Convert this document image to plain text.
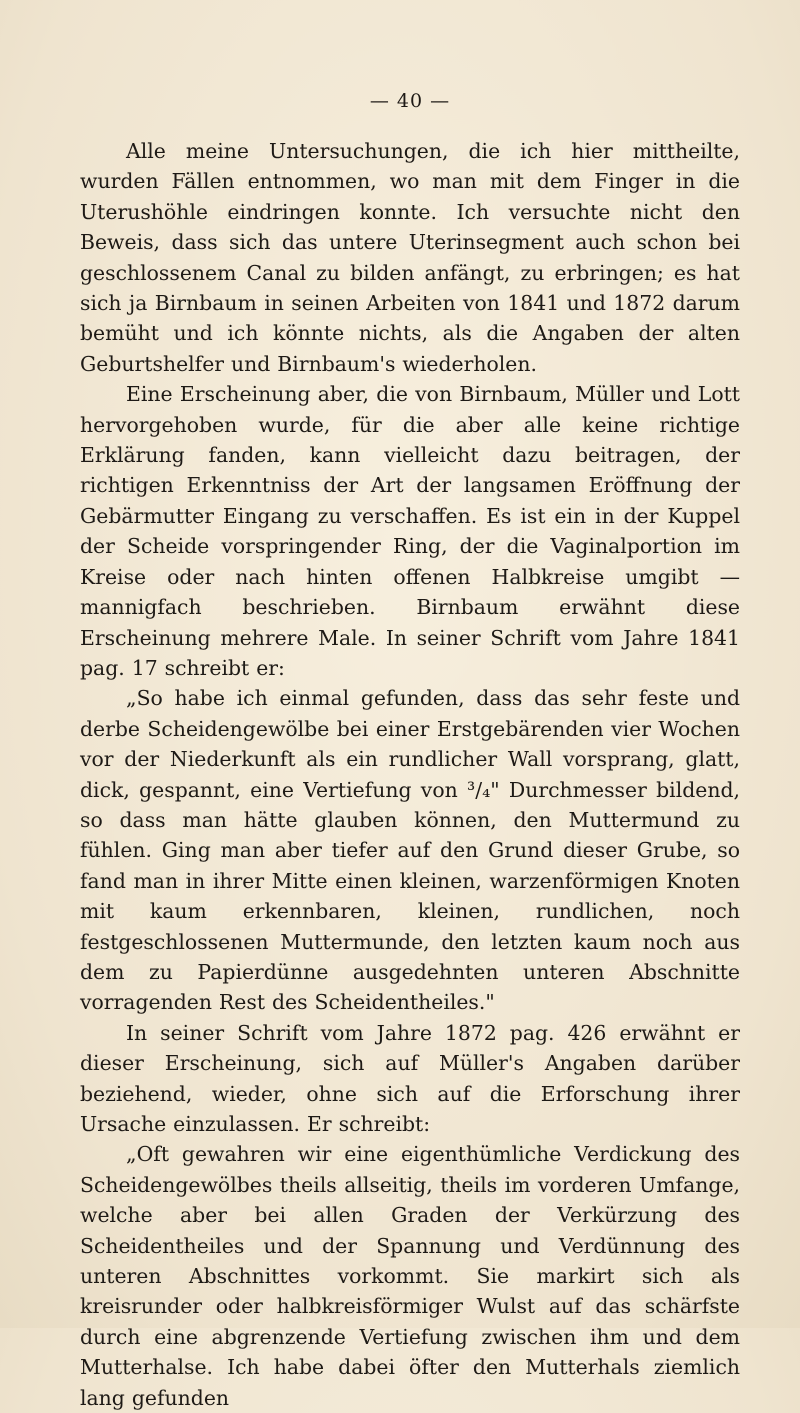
— 40 —

Alle meine Untersuchungen, die ich hier mittheilte, wurden Fällen entnommen, wo man mit dem Finger in die Uterushöhle eindringen konnte. Ich versuchte nicht den Beweis, dass sich das untere Uterinsegment auch schon bei geschlossenem Canal zu bilden anfängt, zu erbringen; es hat sich ja Birnbaum in seinen Arbeiten von 1841 und 1872 darum bemüht und ich könnte nichts, als die Angaben der alten Geburtshelfer und Birnbaum's wiederholen.

Eine Erscheinung aber, die von Birnbaum, Müller und Lott hervorgehoben wurde, für die aber alle keine richtige Erklärung fanden, kann vielleicht dazu beitragen, der richtigen Erkenntniss der Art der langsamen Eröffnung der Gebärmutter Eingang zu verschaffen. Es ist ein in der Kuppel der Scheide vorspringender Ring, der die Vaginalportion im Kreise oder nach hinten offenen Halbkreise umgibt — mannigfach beschrieben. Birnbaum erwähnt diese Erscheinung mehrere Male. In seiner Schrift vom Jahre 1841 pag. 17 schreibt er:

„So habe ich einmal gefunden, dass das sehr feste und derbe Scheidengewölbe bei einer Erstgebärenden vier Wochen vor der Niederkunft als ein rundlicher Wall vorsprang, glatt, dick, gespannt, eine Vertiefung von ³/₄" Durchmesser bildend, so dass man hätte glauben können, den Muttermund zu fühlen. Ging man aber tiefer auf den Grund dieser Grube, so fand man in ihrer Mitte einen kleinen, warzenförmigen Knoten mit kaum erkennbaren, kleinen, rundlichen, noch festgeschlossenen Muttermunde, den letzten kaum noch aus dem zu Papierdünne ausgedehnten unteren Abschnitte vorragenden Rest des Scheidentheiles."

In seiner Schrift vom Jahre 1872 pag. 426 erwähnt er dieser Erscheinung, sich auf Müller's Angaben darüber beziehend, wieder, ohne sich auf die Erforschung ihrer Ursache einzulassen. Er schreibt:

„Oft gewahren wir eine eigenthümliche Verdickung des Scheidengewölbes theils allseitig, theils im vorderen Umfange, welche aber bei allen Graden der Verkürzung des Scheidentheiles und der Spannung und Verdünnung des unteren Abschnittes vorkommt. Sie markirt sich als kreisrunder oder halbkreisförmiger Wulst auf das schärfste durch eine abgrenzende Vertiefung zwischen ihm und dem Mutterhalse. Ich habe dabei öfter den Mutterhals ziemlich lang gefunden
